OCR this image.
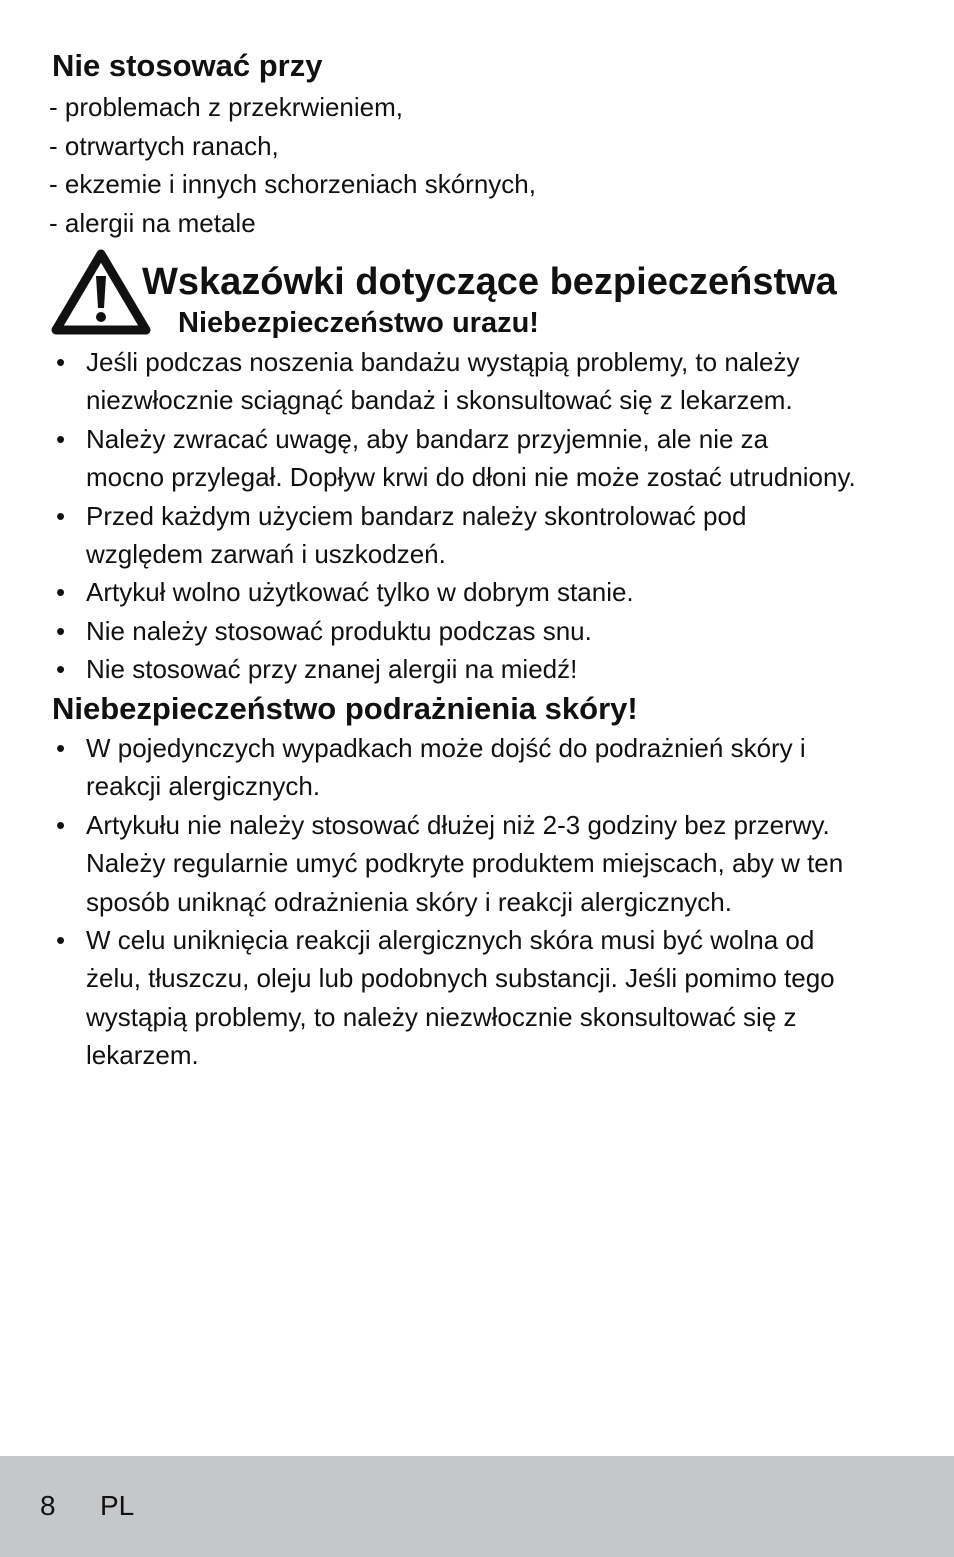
Nie stosować przy
- problemach z przekrwieniem,
- otrwartych ranach,
- ekzemie i innych schorzeniach skórnych,
- alergii na metale
Wskazówki dotyczące bezpieczeństwa
Niebezpieczeństwo urazu!
• Jeśli podczas noszenia bandażu wystąpią problemy, to należy
niezwłocznie sciągnąć bandaż i skonsultować się z lekarzem.
• Należy zwracać uwagę, aby bandarz przyjemnie, ale nie za
mocno przylegał. Dopływ krwi do dłoni nie może zostać utrudniony.
• Przed każdym użyciem bandarz należy skontrolować pod
względem zarwań i uszkodzeń.
• Artykuł wolno użytkować tylko w dobrym stanie.
• Nie należy stosować produktu podczas snu.
• Nie stosować przy znanej alergii na miedź!
Niebezpieczeństwo podrażnienia skóry!
• W pojedynczych wypadkach może dojść do podrażnień skóry i
reakcji alergicznych.
• Artykułu nie należy stosować dłużej niż 2-3 godziny bez przerwy.
Należy regularnie umyć podkryte produktem miejscach, aby w ten
sposób uniknąć odrażnienia skóry i reakcji alergicznych.
• W celu uniknięcia reakcji alergicznych skóra musi być wolna od
żelu, tłuszczu, oleju lub podobnych substancji. Jeśli pomimo tego
wystąpią problemy, to należy niezwłocznie skonsultować się z
lekarzem.
8 PL
